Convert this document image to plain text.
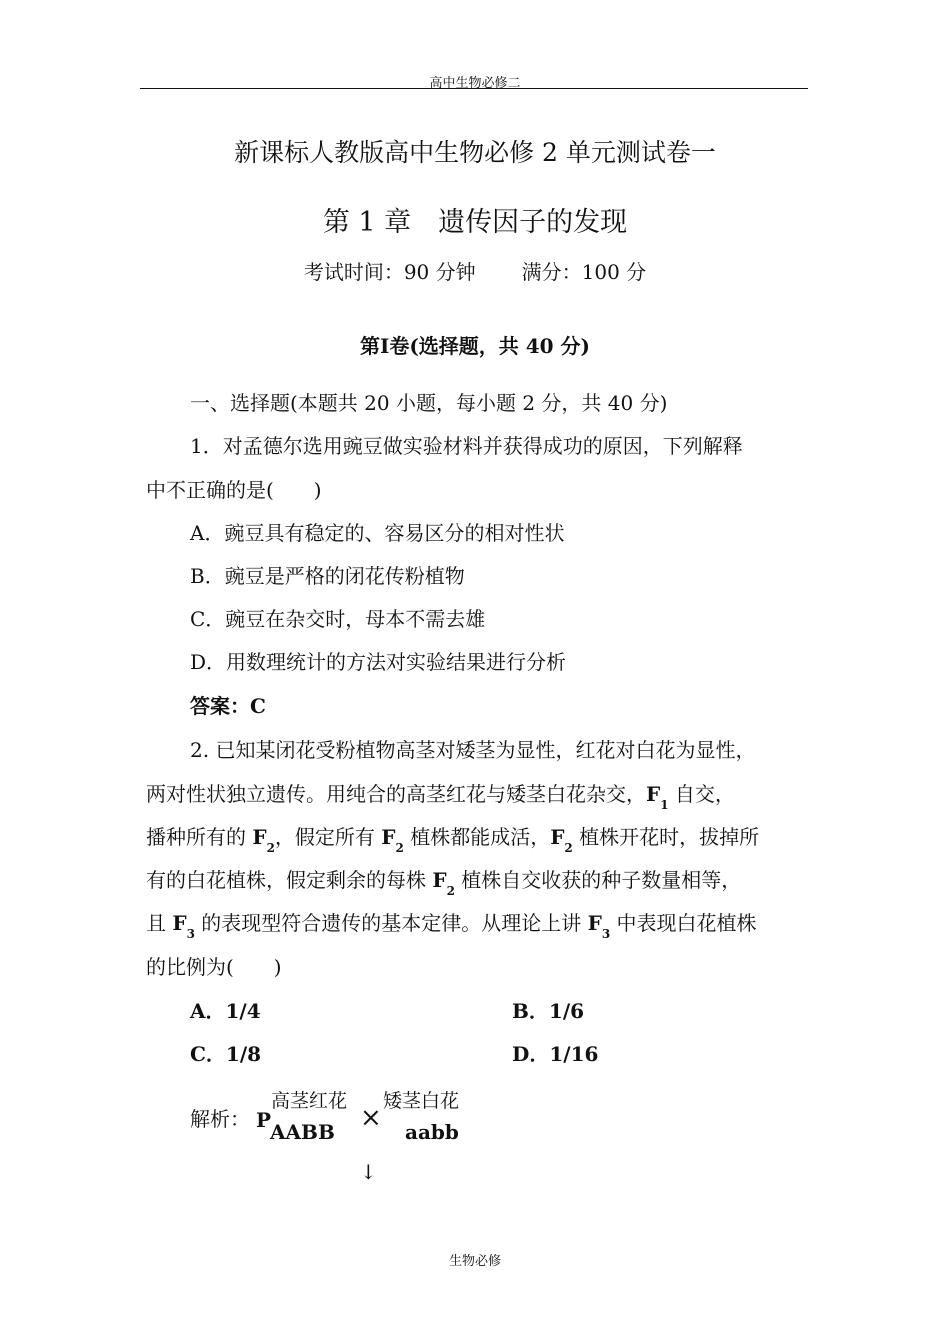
高中生物必修二
新课标人教版高中生物必修 2 单元测试卷一
第 1 章　遗传因子的发现
考试时间：90 分钟 满分：100 分
第Ⅰ卷(选择题，共 40 分)
一、选择题(本题共 20 小题，每小题 2 分，共 40 分)
1．对孟德尔选用豌豆做实验材料并获得成功的原因，下列解释
中不正确的是(　　)
A．豌豆具有稳定的、容易区分的相对性状
B．豌豆是严格的闭花传粉植物
C．豌豆在杂交时，母本不需去雄
D．用数理统计的方法对实验结果进行分析
答案：C
2. 已知某闭花受粉植物高茎对矮茎为显性，红花对白花为显性，
两对性状独立遗传。用纯合的高茎红花与矮茎白花杂交，$F_1$ 自交，
播种所有的 $F_2$，假定所有 $F_2$ 植株都能成活，$F_2$ 植株开花时，拔掉所
有的白花植株，假定剩余的每株 $F_2$ 植株自交收获的种子数量相等，
且 $F_3$ 的表现型符合遗传的基本定律。从理论上讲 $F_3$ 中表现白花植株
的比例为(　　)
A．1/4	B．1/6
C．1/8	D．1/16
解析： P
高茎红花
AABB ×
矮茎白花
aabb
↓
生物必修
